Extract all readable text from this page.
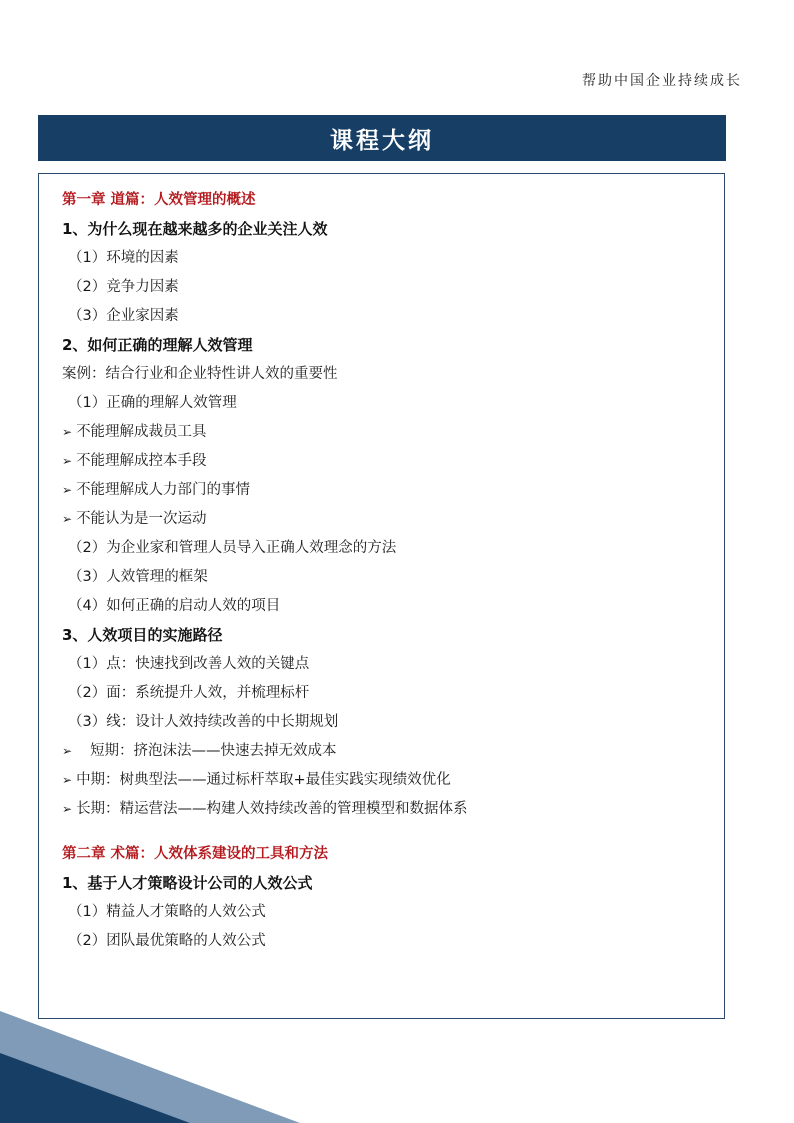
帮助中国企业持续成长
课程大纲
第一章 道篇：人效管理的概述
1、为什么现在越来越多的企业关注人效
（1）环境的因素
（2）竞争力因素
（3）企业家因素
2、如何正确的理解人效管理
案例：结合行业和企业特性讲人效的重要性
（1）正确的理解人效管理
➢ 不能理解成裁员工具
➢ 不能理解成控本手段
➢ 不能理解成人力部门的事情
➢ 不能认为是一次运动
（2）为企业家和管理人员导入正确人效理念的方法
（3）人效管理的框架
（4）如何正确的启动人效的项目
3、人效项目的实施路径
（1）点：快速找到改善人效的关键点
（2）面：系统提升人效，并梳理标杆
（3）线：设计人效持续改善的中长期规划
➢ 短期：挤泡沫法——快速去掉无效成本
➢ 中期：树典型法——通过标杆萃取+最佳实践实现绩效优化
➢ 长期：精运营法——构建人效持续改善的管理模型和数据体系
第二章 术篇：人效体系建设的工具和方法
1、基于人才策略设计公司的人效公式
（1）精益人才策略的人效公式
（2）团队最优策略的人效公式
